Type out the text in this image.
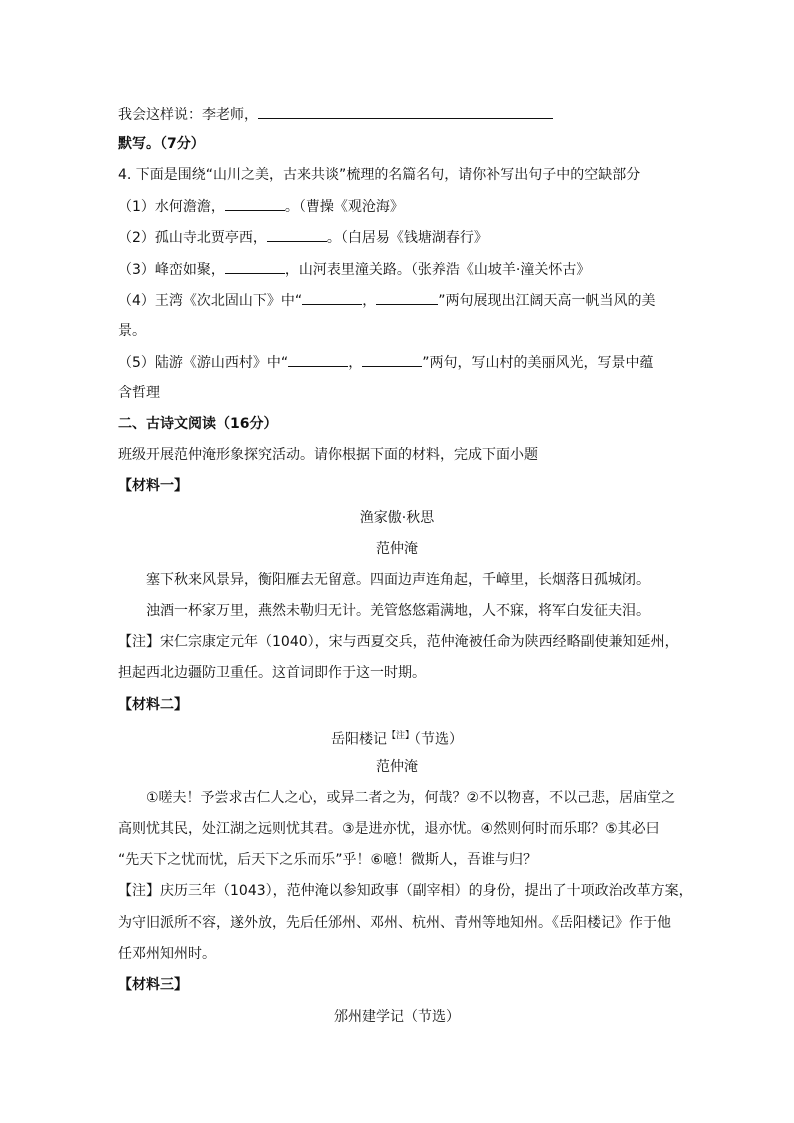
我会这样说：李老师，
默写。（7分）
4. 下面是围绕“山川之美，古来共谈”梳理的名篇名句，请你补写出句子中的空缺部分
（1）水何澹澹，	。（曹操《观沧海》
（2）孤山寺北贾亭西，	。（白居易《钱塘湖春行》
（3）峰峦如聚，	，山河表里潼关路。（张养浩《山坡羊·潼关怀古》
（4）王湾《次北固山下》中“	，	”两句展现出江阔天高一帆当风的美
景。
（5）陆游《游山西村》中“	，	”两句，写山村的美丽风光，写景中蕴
含哲理
二、古诗文阅读（16分）
班级开展范仲淹形象探究活动。请你根据下面的材料，完成下面小题
【材料一】
渔家傲·秋思
范仲淹
塞下秋来风景异，衡阳雁去无留意。四面边声连角起，千嶂里，长烟落日孤城闭。
浊酒一杯家万里，燕然未勒归无计。羌管悠悠霜满地，人不寐，将军白发征夫泪。
【注】宋仁宗康定元年（1040），宋与西夏交兵，范仲淹被任命为陕西经略副使兼知延州，
担起西北边疆防卫重任。这首词即作于这一时期。
【材料二】
岳阳楼记$^{【注】}$（节选）
范仲淹
①嗟夫！予尝求古仁人之心，或异二者之为，何哉？②不以物喜，不以己悲，居庙堂之
高则忧其民，处江湖之远则忧其君。③是进亦忧，退亦忧。④然则何时而乐耶？⑤其必曰
“先天下之忧而忧，后天下之乐而乐”乎！⑥噫！微斯人，吾谁与归？
【注】庆历三年（1043），范仲淹以参知政事（副宰相）的身份，提出了十项政治改革方案，
为守旧派所不容，遂外放，先后任邠州、邓州、杭州、青州等地知州。《岳阳楼记》作于他
任邓州知州时。
【材料三】
邠州建学记（节选）
